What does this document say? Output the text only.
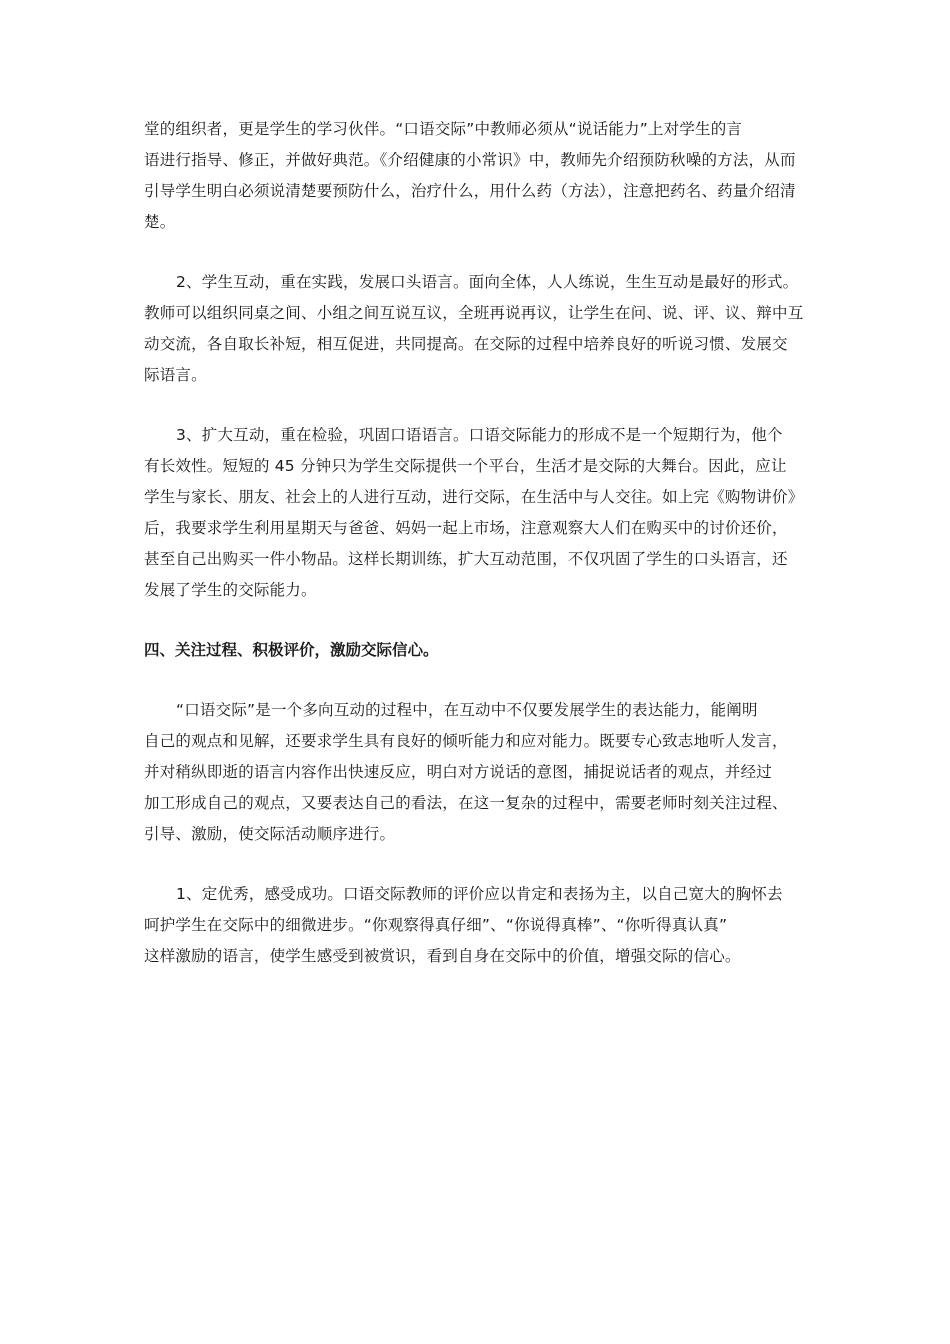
堂的组织者，更是学生的学习伙伴。“口语交际”中教师必须从“说话能力”上对学生的言
语进行指导、修正，并做好典范。《介绍健康的小常识》中，教师先介绍预防秋噪的方法，从而
引导学生明白必须说清楚要预防什么，治疗什么，用什么药（方法），注意把药名、药量介绍清
楚。

2、学生互动，重在实践，发展口头语言。面向全体，人人练说，生生互动是最好的形式。
教师可以组织同桌之间、小组之间互说互议，全班再说再议，让学生在问、说、评、议、辩中互
动交流，各自取长补短，相互促进，共同提高。在交际的过程中培养良好的听说习惯、发展交
际语言。

3、扩大互动，重在检验，巩固口语语言。口语交际能力的形成不是一个短期行为，他个
有长效性。短短的 45 分钟只为学生交际提供一个平台，生活才是交际的大舞台。因此，应让
学生与家长、朋友、社会上的人进行互动，进行交际，在生活中与人交往。如上完《购物讲价》
后，我要求学生利用星期天与爸爸、妈妈一起上市场，注意观察大人们在购买中的讨价还价，
甚至自己出购买一件小物品。这样长期训练，扩大互动范围，不仅巩固了学生的口头语言，还
发展了学生的交际能力。

四、关注过程、积极评价，激励交际信心。

“口语交际”是一个多向互动的过程中，在互动中不仅要发展学生的表达能力，能阐明
自己的观点和见解，还要求学生具有良好的倾听能力和应对能力。既要专心致志地听人发言，
并对稍纵即逝的语言内容作出快速反应，明白对方说话的意图，捕捉说话者的观点，并经过
加工形成自己的观点，又要表达自己的看法，在这一复杂的过程中，需要老师时刻关注过程、
引导、激励，使交际活动顺序进行。

1、定优秀，感受成功。口语交际教师的评价应以肯定和表扬为主，以自己宽大的胸怀去
呵护学生在交际中的细微进步。“你观察得真仔细”、“你说得真棒”、“你听得真认真”
这样激励的语言，使学生感受到被赏识，看到自身在交际中的价值，增强交际的信心。
